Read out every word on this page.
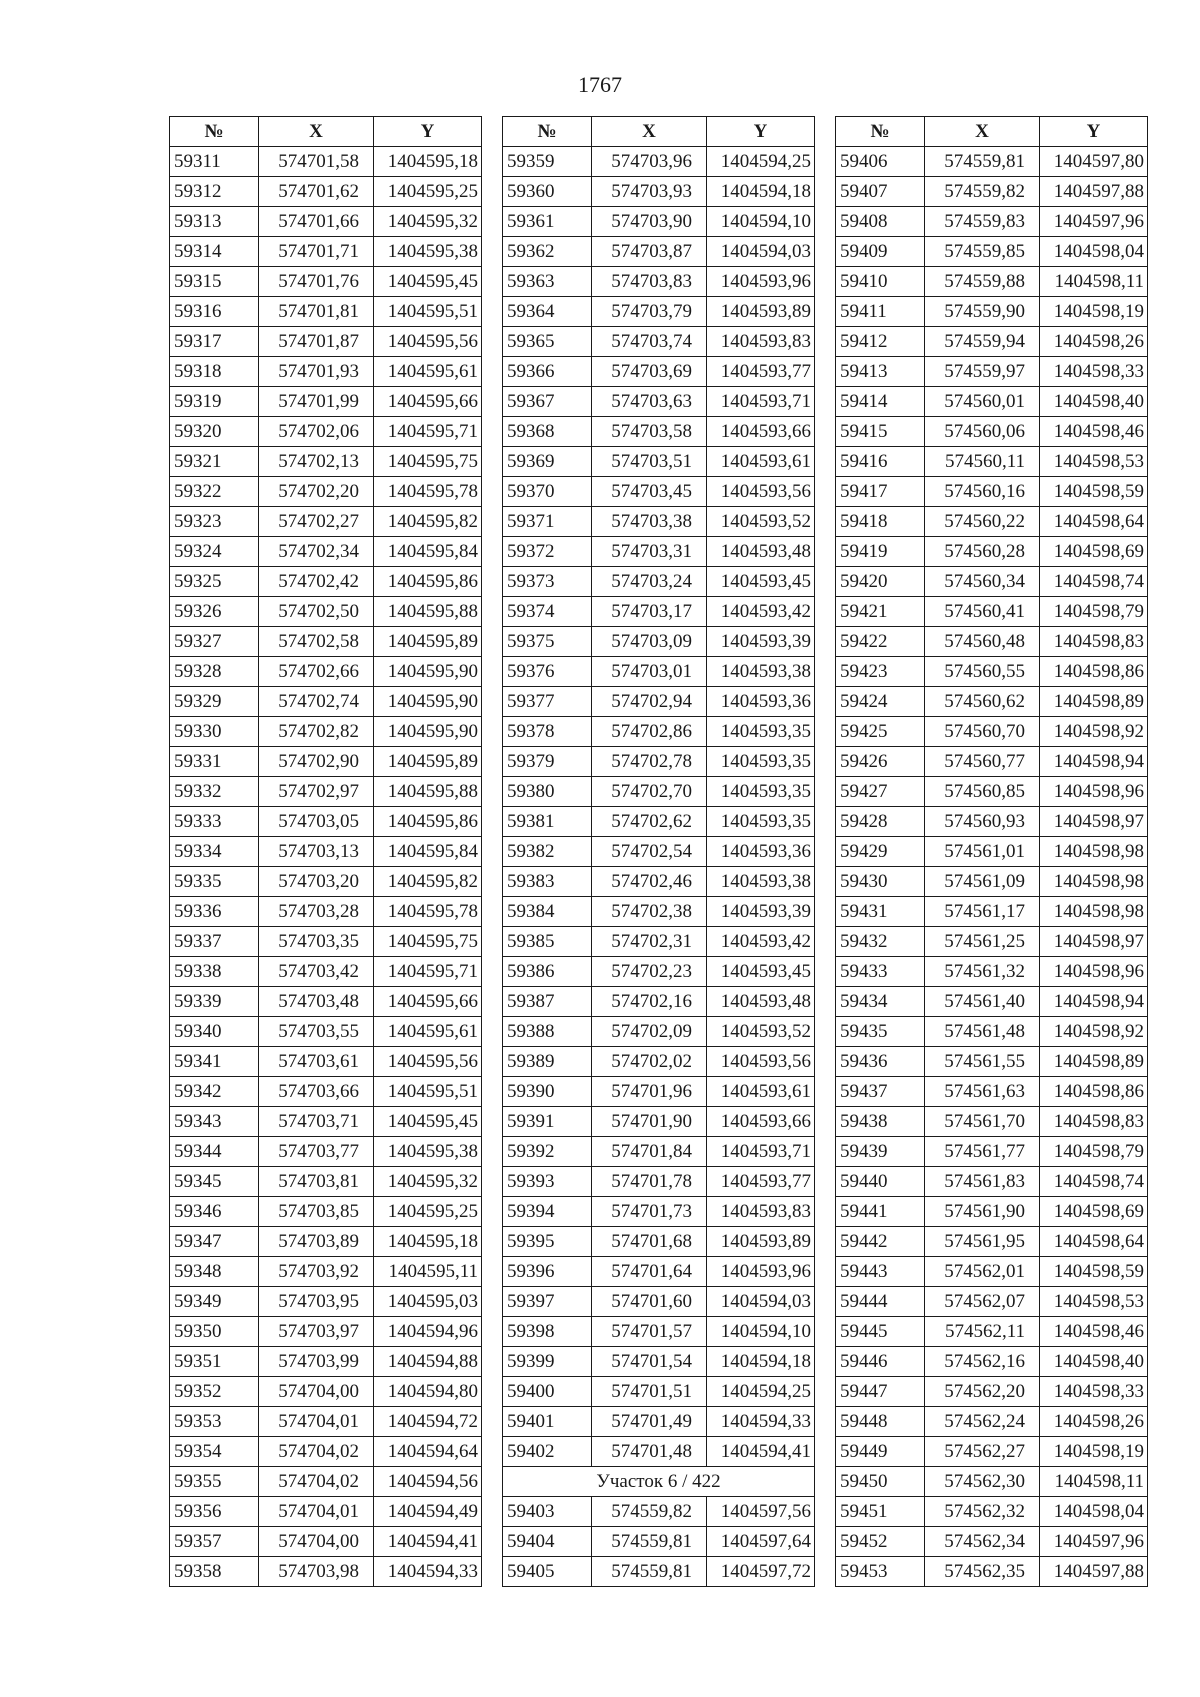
1767
№	X	Y
59311	574701,58	1404595,18
59312	574701,62	1404595,25
59313	574701,66	1404595,32
59314	574701,71	1404595,38
59315	574701,76	1404595,45
59316	574701,81	1404595,51
59317	574701,87	1404595,56
59318	574701,93	1404595,61
59319	574701,99	1404595,66
59320	574702,06	1404595,71
59321	574702,13	1404595,75
59322	574702,20	1404595,78
59323	574702,27	1404595,82
59324	574702,34	1404595,84
59325	574702,42	1404595,86
59326	574702,50	1404595,88
59327	574702,58	1404595,89
59328	574702,66	1404595,90
59329	574702,74	1404595,90
59330	574702,82	1404595,90
59331	574702,90	1404595,89
59332	574702,97	1404595,88
59333	574703,05	1404595,86
59334	574703,13	1404595,84
59335	574703,20	1404595,82
59336	574703,28	1404595,78
59337	574703,35	1404595,75
59338	574703,42	1404595,71
59339	574703,48	1404595,66
59340	574703,55	1404595,61
59341	574703,61	1404595,56
59342	574703,66	1404595,51
59343	574703,71	1404595,45
59344	574703,77	1404595,38
59345	574703,81	1404595,32
59346	574703,85	1404595,25
59347	574703,89	1404595,18
59348	574703,92	1404595,11
59349	574703,95	1404595,03
59350	574703,97	1404594,96
59351	574703,99	1404594,88
59352	574704,00	1404594,80
59353	574704,01	1404594,72
59354	574704,02	1404594,64
59355	574704,02	1404594,56
59356	574704,01	1404594,49
59357	574704,00	1404594,41
59358	574703,98	1404594,33
№	X	Y
59359	574703,96	1404594,25
59360	574703,93	1404594,18
59361	574703,90	1404594,10
59362	574703,87	1404594,03
59363	574703,83	1404593,96
59364	574703,79	1404593,89
59365	574703,74	1404593,83
59366	574703,69	1404593,77
59367	574703,63	1404593,71
59368	574703,58	1404593,66
59369	574703,51	1404593,61
59370	574703,45	1404593,56
59371	574703,38	1404593,52
59372	574703,31	1404593,48
59373	574703,24	1404593,45
59374	574703,17	1404593,42
59375	574703,09	1404593,39
59376	574703,01	1404593,38
59377	574702,94	1404593,36
59378	574702,86	1404593,35
59379	574702,78	1404593,35
59380	574702,70	1404593,35
59381	574702,62	1404593,35
59382	574702,54	1404593,36
59383	574702,46	1404593,38
59384	574702,38	1404593,39
59385	574702,31	1404593,42
59386	574702,23	1404593,45
59387	574702,16	1404593,48
59388	574702,09	1404593,52
59389	574702,02	1404593,56
59390	574701,96	1404593,61
59391	574701,90	1404593,66
59392	574701,84	1404593,71
59393	574701,78	1404593,77
59394	574701,73	1404593,83
59395	574701,68	1404593,89
59396	574701,64	1404593,96
59397	574701,60	1404594,03
59398	574701,57	1404594,10
59399	574701,54	1404594,18
59400	574701,51	1404594,25
59401	574701,49	1404594,33
59402	574701,48	1404594,41
Участок 6 / 422		
59403	574559,82	1404597,56
59404	574559,81	1404597,64
59405	574559,81	1404597,72
№	X	Y
59406	574559,81	1404597,80
59407	574559,82	1404597,88
59408	574559,83	1404597,96
59409	574559,85	1404598,04
59410	574559,88	1404598,11
59411	574559,90	1404598,19
59412	574559,94	1404598,26
59413	574559,97	1404598,33
59414	574560,01	1404598,40
59415	574560,06	1404598,46
59416	574560,11	1404598,53
59417	574560,16	1404598,59
59418	574560,22	1404598,64
59419	574560,28	1404598,69
59420	574560,34	1404598,74
59421	574560,41	1404598,79
59422	574560,48	1404598,83
59423	574560,55	1404598,86
59424	574560,62	1404598,89
59425	574560,70	1404598,92
59426	574560,77	1404598,94
59427	574560,85	1404598,96
59428	574560,93	1404598,97
59429	574561,01	1404598,98
59430	574561,09	1404598,98
59431	574561,17	1404598,98
59432	574561,25	1404598,97
59433	574561,32	1404598,96
59434	574561,40	1404598,94
59435	574561,48	1404598,92
59436	574561,55	1404598,89
59437	574561,63	1404598,86
59438	574561,70	1404598,83
59439	574561,77	1404598,79
59440	574561,83	1404598,74
59441	574561,90	1404598,69
59442	574561,95	1404598,64
59443	574562,01	1404598,59
59444	574562,07	1404598,53
59445	574562,11	1404598,46
59446	574562,16	1404598,40
59447	574562,20	1404598,33
59448	574562,24	1404598,26
59449	574562,27	1404598,19
59450	574562,30	1404598,11
59451	574562,32	1404598,04
59452	574562,34	1404597,96
59453	574562,35	1404597,88
